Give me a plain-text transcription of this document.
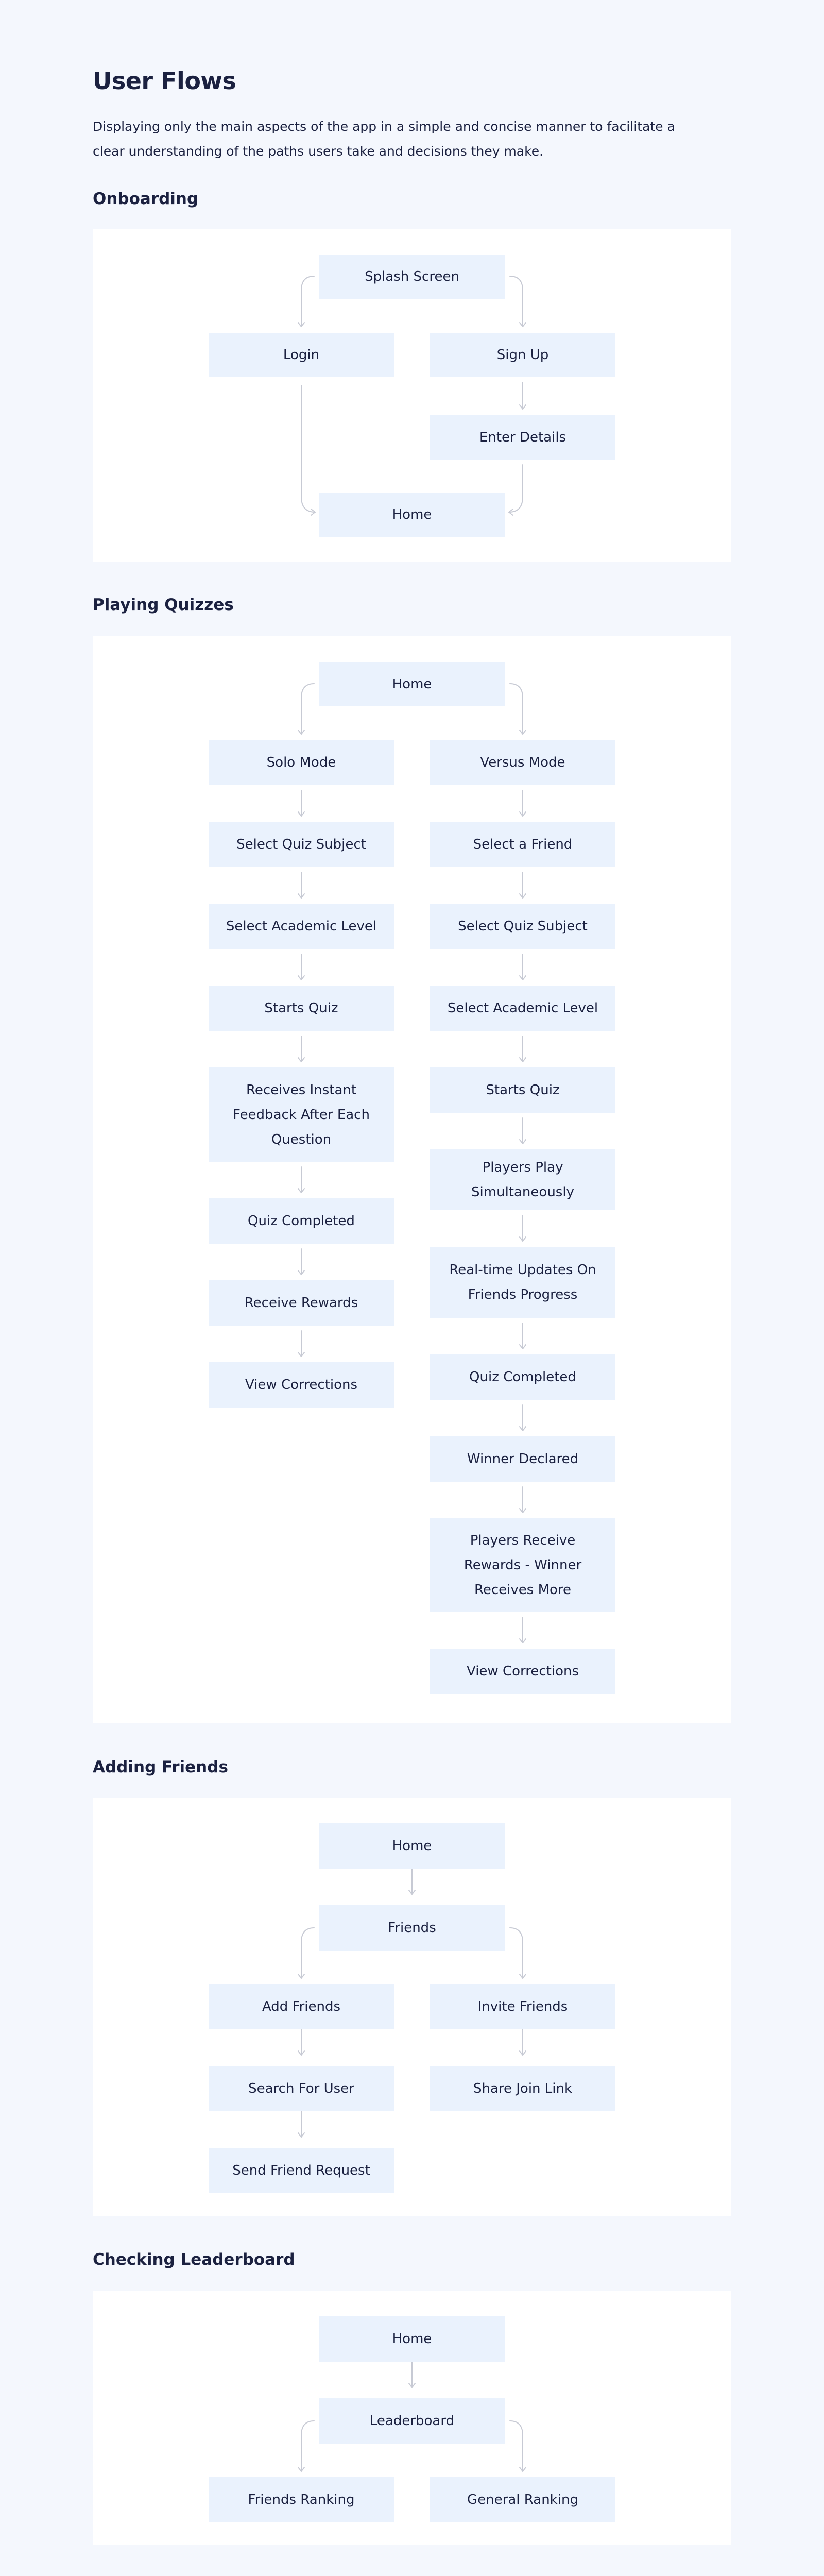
User Flows

Displaying only the main aspects of the app in a simple and concise manner to facilitate a clear understanding of the paths users take and decisions they make.

Onboarding
Splash Screen
Login	Sign Up
Enter Details
Home
Playing Quizzes
Home
Solo Mode
Select Quiz Subject
Select Academic Level
Starts Quiz
Receives Instant Feedback After Each Question
Quiz Completed
Receive Rewards
View Corrections
Versus Mode
Select a Friend
Select Quiz Subject
Select Academic Level
Starts Quiz
Players Play Simultaneously
Real-time Updates On Friends Progress
Quiz Completed
Winner Declared
Players Receive Rewards - Winner Receives More
View Corrections
Adding Friends
Home
Friends
Add Friends
Search For User
Send Friend Request
Invite Friends
Share Join Link
Checking Leaderboard
Home
Leaderboard
Friends Ranking	General Ranking
